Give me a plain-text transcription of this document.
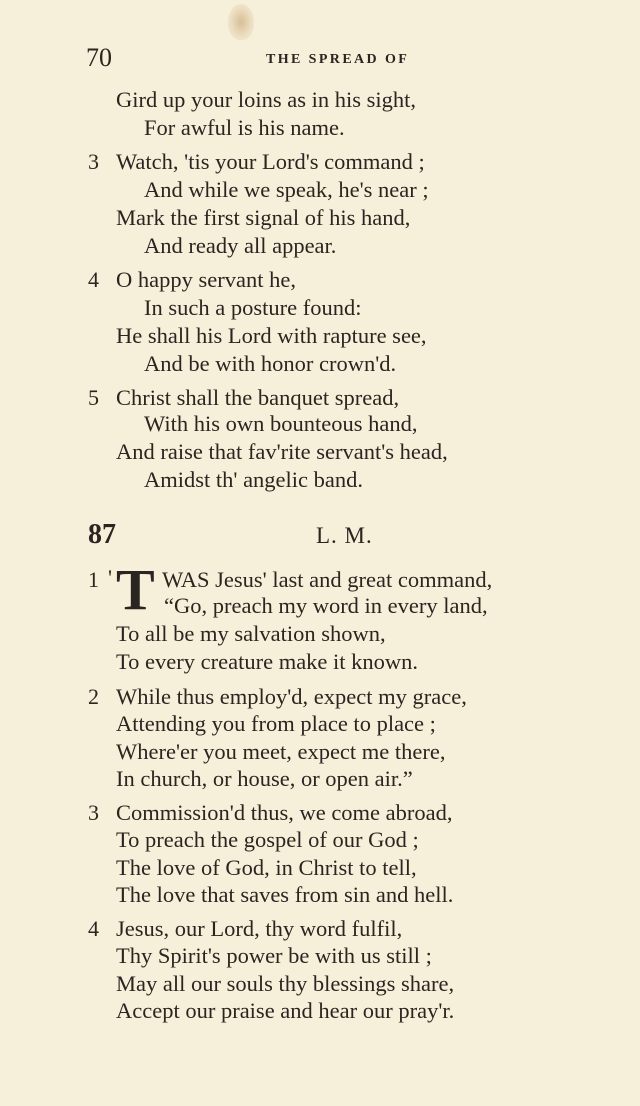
70	THE SPREAD OF
Gird up your loins as in his sight,
For awful is his name.
3 Watch, 'tis your Lord's command ;
And while we speak, he's near ;
Mark the first signal of his hand,
And ready all appear.
4 O happy servant he,
In such a posture found:
He shall his Lord with rapture see,
And be with honor crown'd.
5 Christ shall the banquet spread,
With his own bounteous hand,
And raise that fav'rite servant's head,
Amidst th' angelic band.
87	L. M.
1 ' T WAS Jesus' last and great command,
“Go, preach my word in every land,
To all be my salvation shown,
To every creature make it known.
2 While thus employ'd, expect my grace,
Attending you from place to place ;
Where'er you meet, expect me there,
In church, or house, or open air.”
3 Commission'd thus, we come abroad,
To preach the gospel of our God ;
The love of God, in Christ to tell,
The love that saves from sin and hell.
4 Jesus, our Lord, thy word fulfil,
Thy Spirit's power be with us still ;
May all our souls thy blessings share,
Accept our praise and hear our pray'r.
